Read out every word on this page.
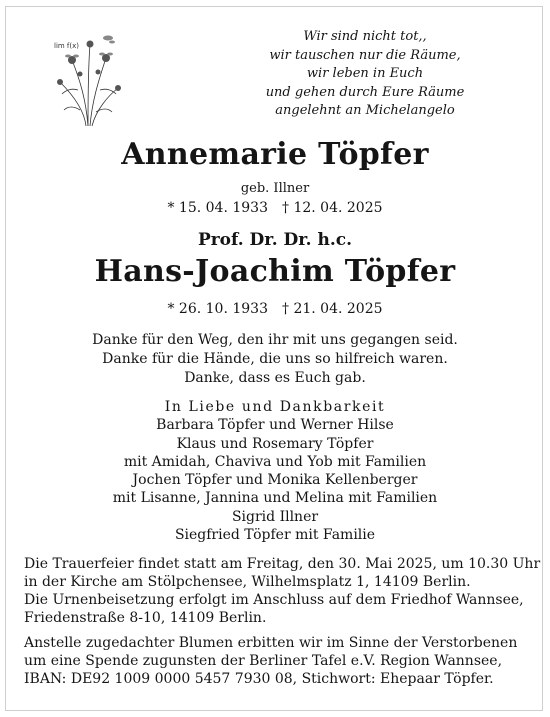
lim f(x)
Wir sind nicht tot,,
wir tauschen nur die Räume,
wir leben in Euch
und gehen durch Eure Räume
angelehnt an Michelangelo
Annemarie Töpfer
geb. Illner
* 15. 04. 1933 † 12. 04. 2025
Prof. Dr. Dr. h.c.
Hans-Joachim Töpfer
* 26. 10. 1933 † 21. 04. 2025
Danke für den Weg, den ihr mit uns gegangen seid.
Danke für die Hände, die uns so hilfreich waren.
Danke, dass es Euch gab.
In Liebe und Dankbarkeit
Barbara Töpfer und Werner Hilse
Klaus und Rosemary Töpfer
mit Amidah, Chaviva und Yob mit Familien
Jochen Töpfer und Monika Kellenberger
mit Lisanne, Jannina und Melina mit Familien
Sigrid Illner
Siegfried Töpfer mit Familie
Die Trauerfeier findet statt am Freitag, den 30. Mai 2025, um 10.30 Uhr
in der Kirche am Stölpchensee, Wilhelmsplatz 1, 14109 Berlin.
Die Urnenbeisetzung erfolgt im Anschluss auf dem Friedhof Wannsee,
Friedenstraße 8-10, 14109 Berlin.
Anstelle zugedachter Blumen erbitten wir im Sinne der Verstorbenen
um eine Spende zugunsten der Berliner Tafel e.V. Region Wannsee,
IBAN: DE92 1009 0000 5457 7930 08, Stichwort: Ehepaar Töpfer.
